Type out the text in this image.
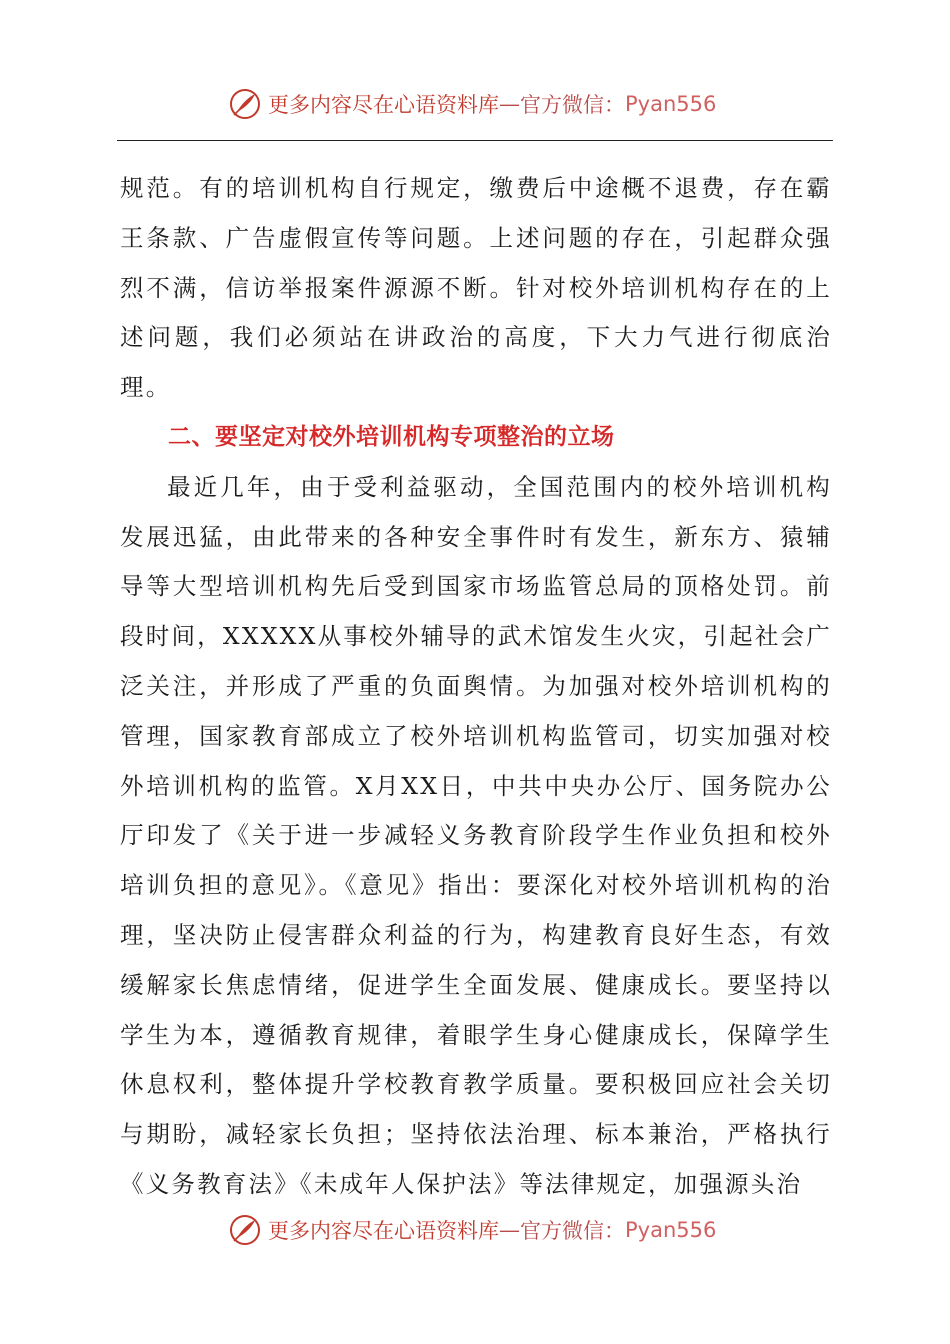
更多内容尽在心语资料库 — 官方微信： Pyan556

规范。有的培训机构自行规定，缴费后中途概不退费，存在霸王条款、广告虚假宣传等问题。上述问题的存在，引起群众强烈不满，信访举报案件源源不断。针对校外培训机构存在的上述问题，我们必须站在讲政治的高度，下大力气进行彻底治理。

二、要坚定对校外培训机构专项整治的立场

最近几年，由于受利益驱动，全国范围内的校外培训机构发展迅猛，由此带来的各种安全事件时有发生，新东方、猿辅导等大型培训机构先后受到国家市场监管总局的顶格处罚。前段时间，XXXXX从事校外辅导的武术馆发生火灾，引起社会广泛关注，并形成了严重的负面舆情。为加强对校外培训机构的管理，国家教育部成立了校外培训机构监管司，切实加强对校外培训机构的监管。X月XX日，中共中央办公厅、国务院办公厅印发了《关于进一步减轻义务教育阶段学生作业负担和校外培训负担的意见》。《意见》指出：要深化对校外培训机构的治理，坚决防止侵害群众利益的行为，构建教育良好生态，有效缓解家长焦虑情绪，促进学生全面发展、健康成长。要坚持以学生为本，遵循教育规律，着眼学生身心健康成长，保障学生休息权利，整体提升学校教育教学质量。要积极回应社会关切与期盼，减轻家长负担；坚持依法治理、标本兼治，严格执行《义务教育法》《未成年人保护法》等法律规定，加强源头治

更多内容尽在心语资料库 — 官方微信： Pyan556
